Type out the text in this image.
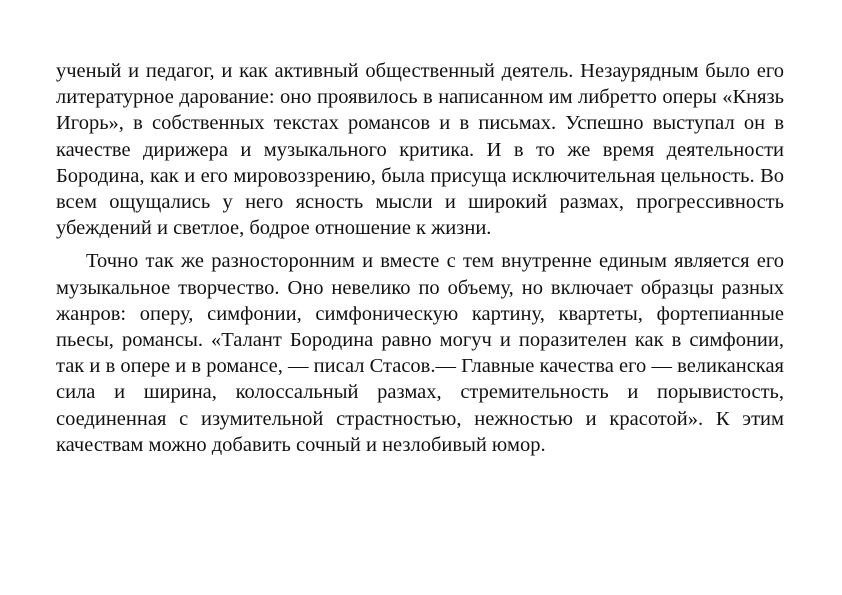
ученый и педагог, и как активный общественный деятель. Незаурядным было его литературное дарование: оно проявилось в написанном им либретто оперы «Князь Игорь», в собственных текстах романсов и в письмах. Успешно выступал он в качестве дирижера и музыкального критика. И в то же время деятельности Бородина, как и его мировоззрению, была присуща исключительная цельность. Во всем ощущались у него ясность мысли и широкий размах, прогрессивность убеждений и светлое, бодрое отношение к жизни.

Точно так же разносторонним и вместе с тем внутренне единым является его музыкальное творчество. Оно невелико по объему, но включает образцы разных жанров: оперу, симфонии, симфоническую картину, квартеты, фортепианные пьесы, романсы. «Талант Бородина равно могуч и поразителен как в симфонии, так и в опере и в романсе, — писал Стасов.— Главные качества его — великанская сила и ширина, колоссальный размах, стремительность и порывистость, соединенная с изумительной страстностью, нежностью и красотой». К этим качествам можно добавить сочный и незлобивый юмор.
